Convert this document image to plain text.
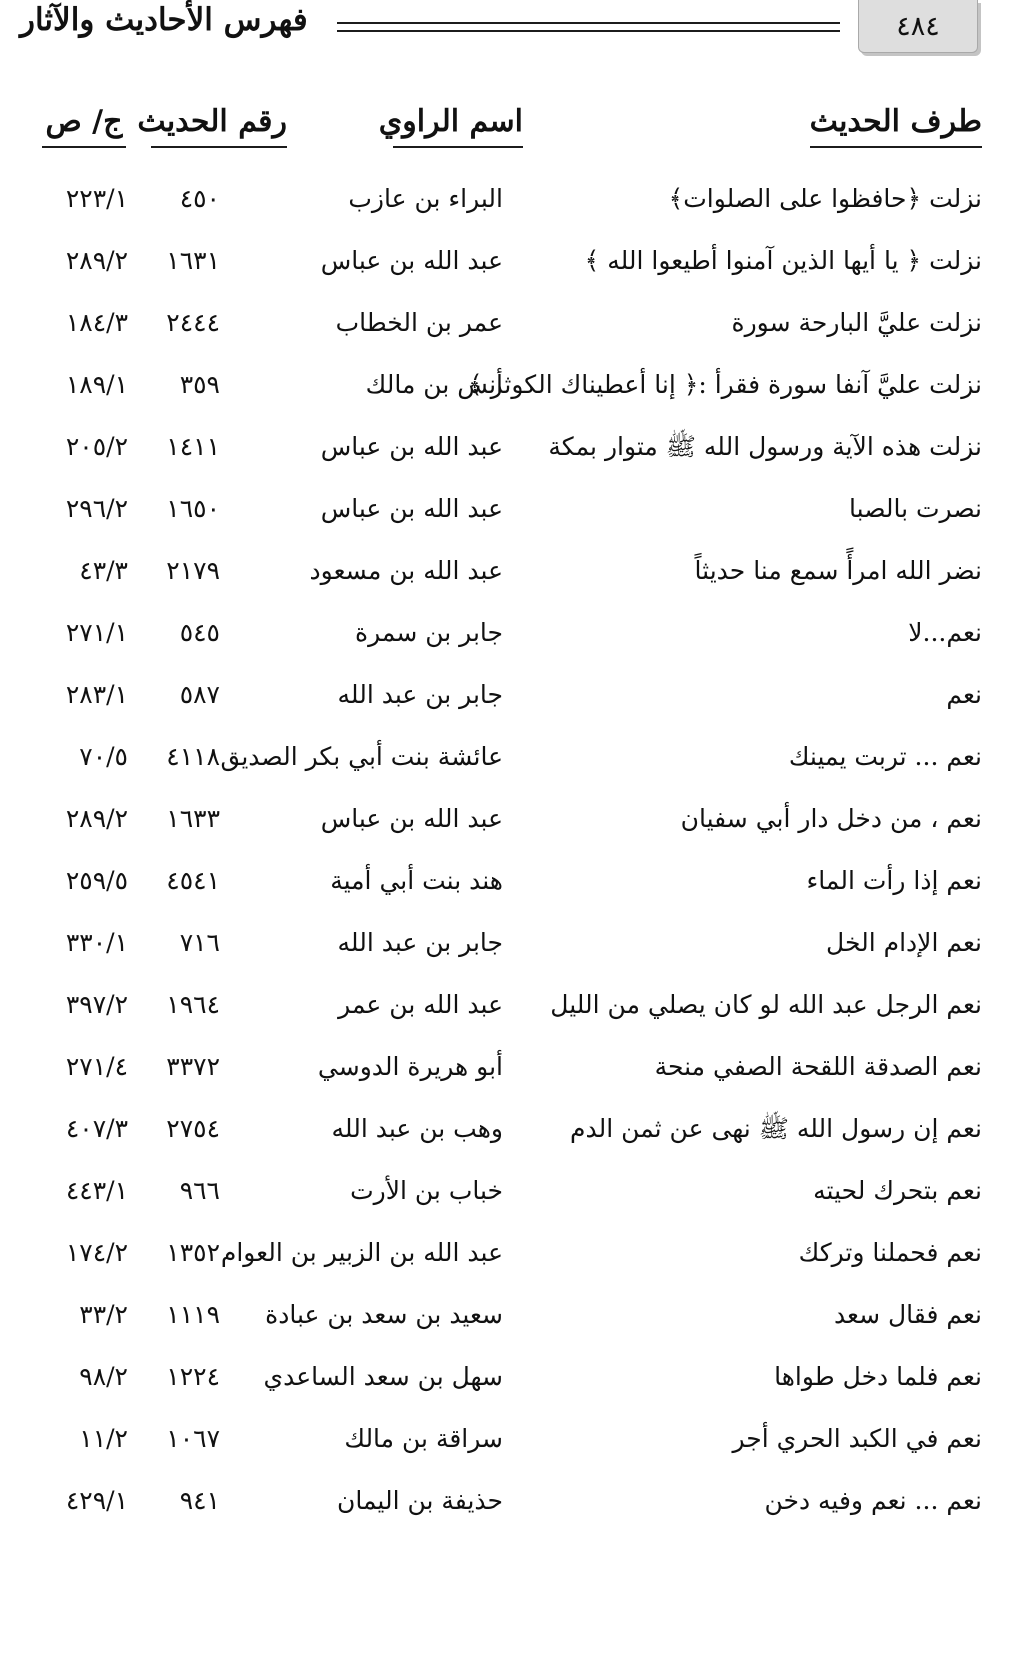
٤٨٤
فهرس الأحاديث والآثار
طرف الحديث
اسم الراوي
رقم الحديث
ج/ ص
نزلت ﴿حافظوا على الصلوات﴾
البراء بن عازب
٤٥٠
٢٢٣/١
نزلت ﴿ يا أيها الذين آمنوا أطيعوا الله ﴾
عبد الله بن عباس
١٦٣١
٢٨٩/٢
نزلت عليَّ البارحة سورة
عمر بن الخطاب
٢٤٤٤
١٨٤/٣
نزلت عليَّ آنفا سورة فقرأ :﴿ إنا أعطيناك الكوثر ﴾
أنس بن مالك
٣٥٩
١٨٩/١
نزلت هذه الآية ورسول الله ﷺ متوار بمكة
عبد الله بن عباس
١٤١١
٢٠٥/٢
نصرت بالصبا
عبد الله بن عباس
١٦٥٠
٢٩٦/٢
نضر الله امرأً سمع منا حديثاً
عبد الله بن مسعود
٢١٧٩
٤٣/٣
نعم...لا
جابر بن سمرة
٥٤٥
٢٧١/١
نعم
جابر بن عبد الله
٥٨٧
٢٨٣/١
نعم ... تربت يمينك
عائشة بنت أبي بكر الصديق
٤١١٨
٧٠/٥
نعم ، من دخل دار أبي سفيان
عبد الله بن عباس
١٦٣٣
٢٨٩/٢
نعم إذا رأت الماء
هند بنت أبي أمية
٤٥٤١
٢٥٩/٥
نعم الإدام الخل
جابر بن عبد الله
٧١٦
٣٣٠/١
نعم الرجل عبد الله لو كان يصلي من الليل
عبد الله بن عمر
١٩٦٤
٣٩٧/٢
نعم الصدقة اللقحة الصفي منحة
أبو هريرة الدوسي
٣٣٧٢
٢٧١/٤
نعم إن رسول الله ﷺ نهى عن ثمن الدم
وهب بن عبد الله
٢٧٥٤
٤٠٧/٣
نعم بتحرك لحيته
خباب بن الأرت
٩٦٦
٤٤٣/١
نعم فحملنا وتركك
عبد الله بن الزبير بن العوام
١٣٥٢
١٧٤/٢
نعم فقال سعد
سعيد بن سعد بن عبادة
١١١٩
٣٣/٢
نعم فلما دخل طواها
سهل بن سعد الساعدي
١٢٢٤
٩٨/٢
نعم في الكبد الحري أجر
سراقة بن مالك
١٠٦٧
١١/٢
نعم ... نعم وفيه دخن
حذيفة بن اليمان
٩٤١
٤٢٩/١
